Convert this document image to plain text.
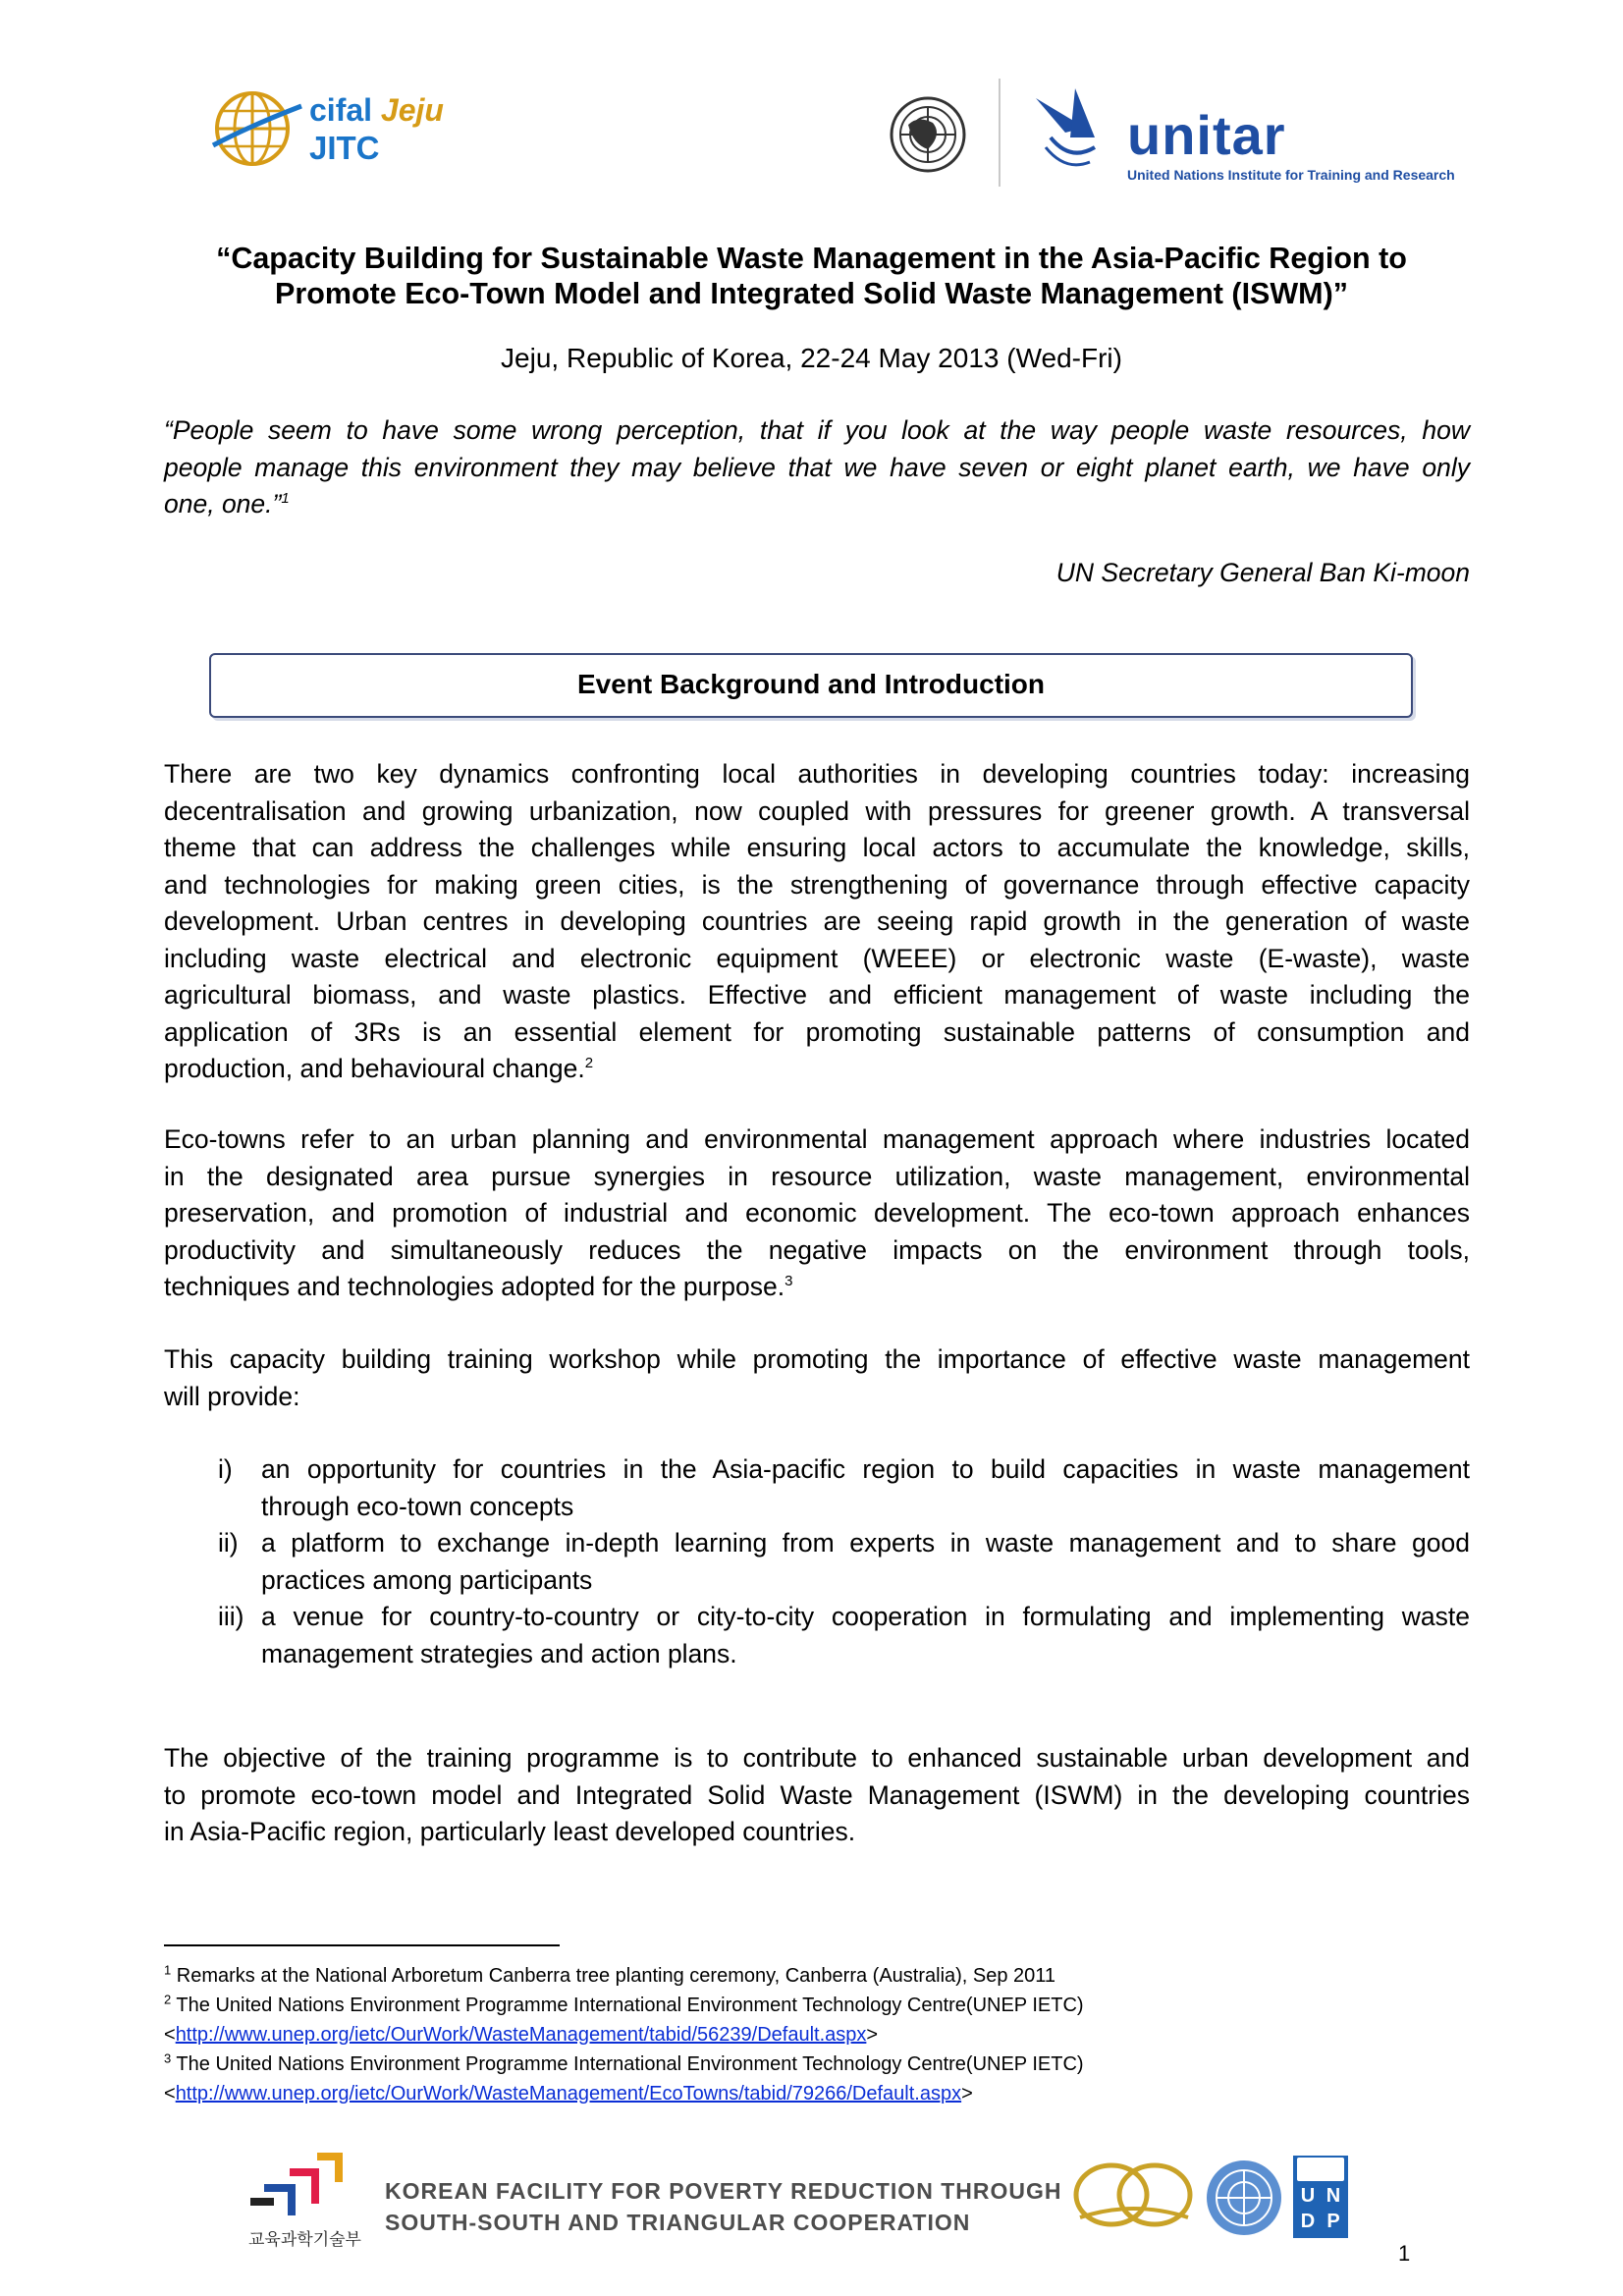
cifal Jeju
JITC	unitar
United Nations Institute for Training and Research
“Capacity Building for Sustainable Waste Management in the Asia-Pacific Region to
Promote Eco-Town Model and Integrated Solid Waste Management (ISWM)”
Jeju, Republic of Korea, 22-24 May 2013 (Wed-Fri)
“People seem to have some wrong perception, that if you look at the way people waste resources, how
people manage this environment they may believe that we have seven or eight planet earth, we have only
one, one.”$^1$
UN Secretary General Ban Ki-moon
Event Background and Introduction
There are two key dynamics confronting local authorities in developing countries today: increasing
decentralisation and growing urbanization, now coupled with pressures for greener growth. A transversal
theme that can address the challenges while ensuring local actors to accumulate the knowledge, skills,
and technologies for making green cities, is the strengthening of governance through effective capacity
development. Urban centres in developing countries are seeing rapid growth in the generation of waste
including waste electrical and electronic equipment (WEEE) or electronic waste (E-waste), waste
agricultural biomass, and waste plastics. Effective and efficient management of waste including the
application of 3Rs is an essential element for promoting sustainable patterns of consumption and
production, and behavioural change.$^2$
Eco-towns refer to an urban planning and environmental management approach where industries located
in the designated area pursue synergies in resource utilization, waste management, environmental
preservation, and promotion of industrial and economic development. The eco-town approach enhances
productivity and simultaneously reduces the negative impacts on the environment through tools,
techniques and technologies adopted for the purpose.$^3$
This capacity building training workshop while promoting the importance of effective waste management
will provide:
i) an opportunity for countries in the Asia-pacific region to build capacities in waste management
through eco-town concepts
ii) a platform to exchange in-depth learning from experts in waste management and to share good
practices among participants
iii) a venue for country-to-country or city-to-city cooperation in formulating and implementing waste
management strategies and action plans.
The objective of the training programme is to contribute to enhanced sustainable urban development and
to promote eco-town model and Integrated Solid Waste Management (ISWM) in the developing countries
in Asia-Pacific region, particularly least developed countries.
$^1$ Remarks at the National Arboretum Canberra tree planting ceremony, Canberra (Australia), Sep 2011
$^2$ The United Nations Environment Programme International Environment Technology Centre(UNEP IETC)
<http://www.unep.org/ietc/OurWork/WasteManagement/tabid/56239/Default.aspx>
$^3$ The United Nations Environment Programme International Environment Technology Centre(UNEP IETC)
<http://www.unep.org/ietc/OurWork/WasteManagement/EcoTowns/tabid/79266/Default.aspx>
교육과학기술부
KOREAN FACILITY FOR POVERTY REDUCTION THROUGH
SOUTH-SOUTH AND TRIANGULAR COOPERATION
U N
D P
1
